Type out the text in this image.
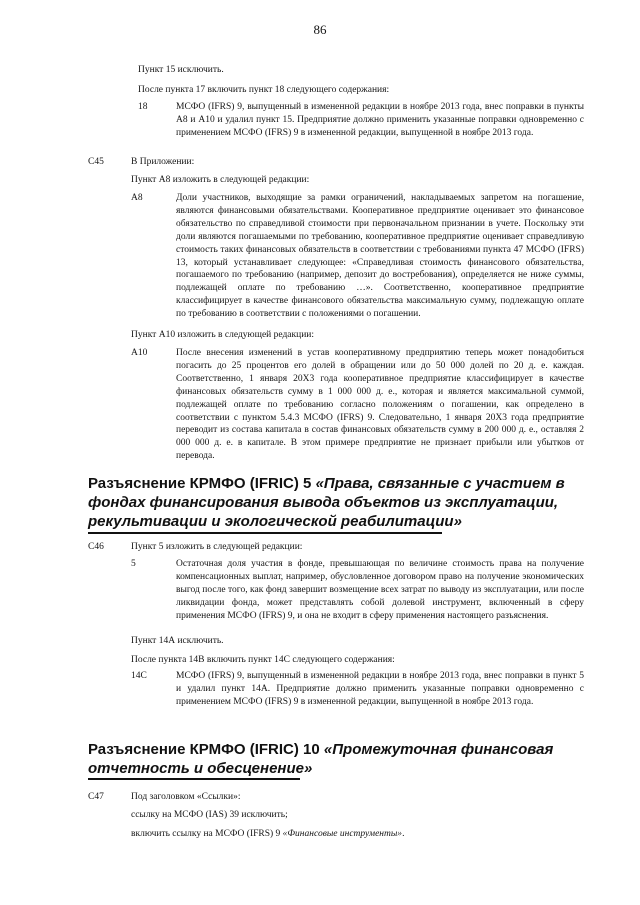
86
Пункт 15 исключить.
После пункта 17 включить пункт 18 следующего содержания:
18	МСФО (IFRS) 9, выпущенный в измененной редакции в ноябре 2013 года, внес поправки в пункты А8 и А10 и удалил пункт 15. Предприятие должно применить указанные поправки одновременно с применением МСФО (IFRS) 9 в измененной редакции, выпущенной в ноябре 2013 года.
C45	В Приложении:
Пункт А8 изложить в следующей редакции:
А8	Доли участников, выходящие за рамки ограничений, накладываемых запретом на погашение, являются финансовыми обязательствами. Кооперативное предприятие оценивает это финансовое обязательство по справедливой стоимости при первоначальном признании в учете. Поскольку эти доли являются погашаемыми по требованию, кооперативное предприятие оценивает справедливую стоимость таких финансовых обязательств в соответствии с требованиями пункта 47 МСФО (IFRS) 13, который устанавливает следующее: «Справедливая стоимость финансового обязательства, погашаемого по требованию (например, депозит до востребования), определяется не ниже суммы, подлежащей оплате по требованию …». Соответственно, кооперативное предприятие классифицирует в качестве финансового обязательства максимальную сумму, подлежащую оплате по требованию в соответствии с положениями о погашении.
Пункт А10 изложить в следующей редакции:
А10	После внесения изменений в устав кооперативному предприятию теперь может понадобиться погасить до 25 процентов его долей в обращении или до 50 000 долей по 20 д. е. каждая. Соответственно, 1 января 20Х3 года кооперативное предприятие классифицирует в качестве финансовых обязательств сумму в 1 000 000 д. е., которая и является максимальной суммой, подлежащей оплате по требованию согласно положениям о погашении, как определено в соответствии с пунктом 5.4.3 МСФО (IFRS) 9. Следовательно, 1 января 20Х3 года предприятие переводит из состава капитала в состав финансовых обязательств сумму в 200 000 д. е., оставляя 2 000 000 д. е. в капитале. В этом примере предприятие не признает прибыли или убытков от перевода.
Разъяснение КРМФО (IFRIC) 5 «Права, связанные с участием в
фондах финансирования вывода объектов из эксплуатации,
рекультивации и экологической реабилитации»
C46	Пункт 5 изложить в следующей редакции:
5	Остаточная доля участия в фонде, превышающая по величине стоимость права на получение компенсационных выплат, например, обусловленное договором право на получение экономических выгод после того, как фонд завершит возмещение всех затрат по выводу из эксплуатации, или после ликвидации фонда, может представлять собой долевой инструмент, включенный в сферу применения МСФО (IFRS) 9, и она не входит в сферу применения настоящего разъяснения.
Пункт 14А исключить.
После пункта 14В включить пункт 14С следующего содержания:
14С	МСФО (IFRS) 9, выпущенный в измененной редакции в ноябре 2013 года, внес поправки в пункт 5 и удалил пункт 14А. Предприятие должно применить указанные поправки одновременно с применением МСФО (IFRS) 9 в измененной редакции, выпущенной в ноябре 2013 года.
Разъяснение КРМФО (IFRIC) 10 «Промежуточная финансовая
отчетность и обесценение»
C47	Под заголовком «Ссылки»:
ссылку на МСФО (IAS) 39 исключить;
включить ссылку на МСФО (IFRS) 9 «Финансовые инструменты».
